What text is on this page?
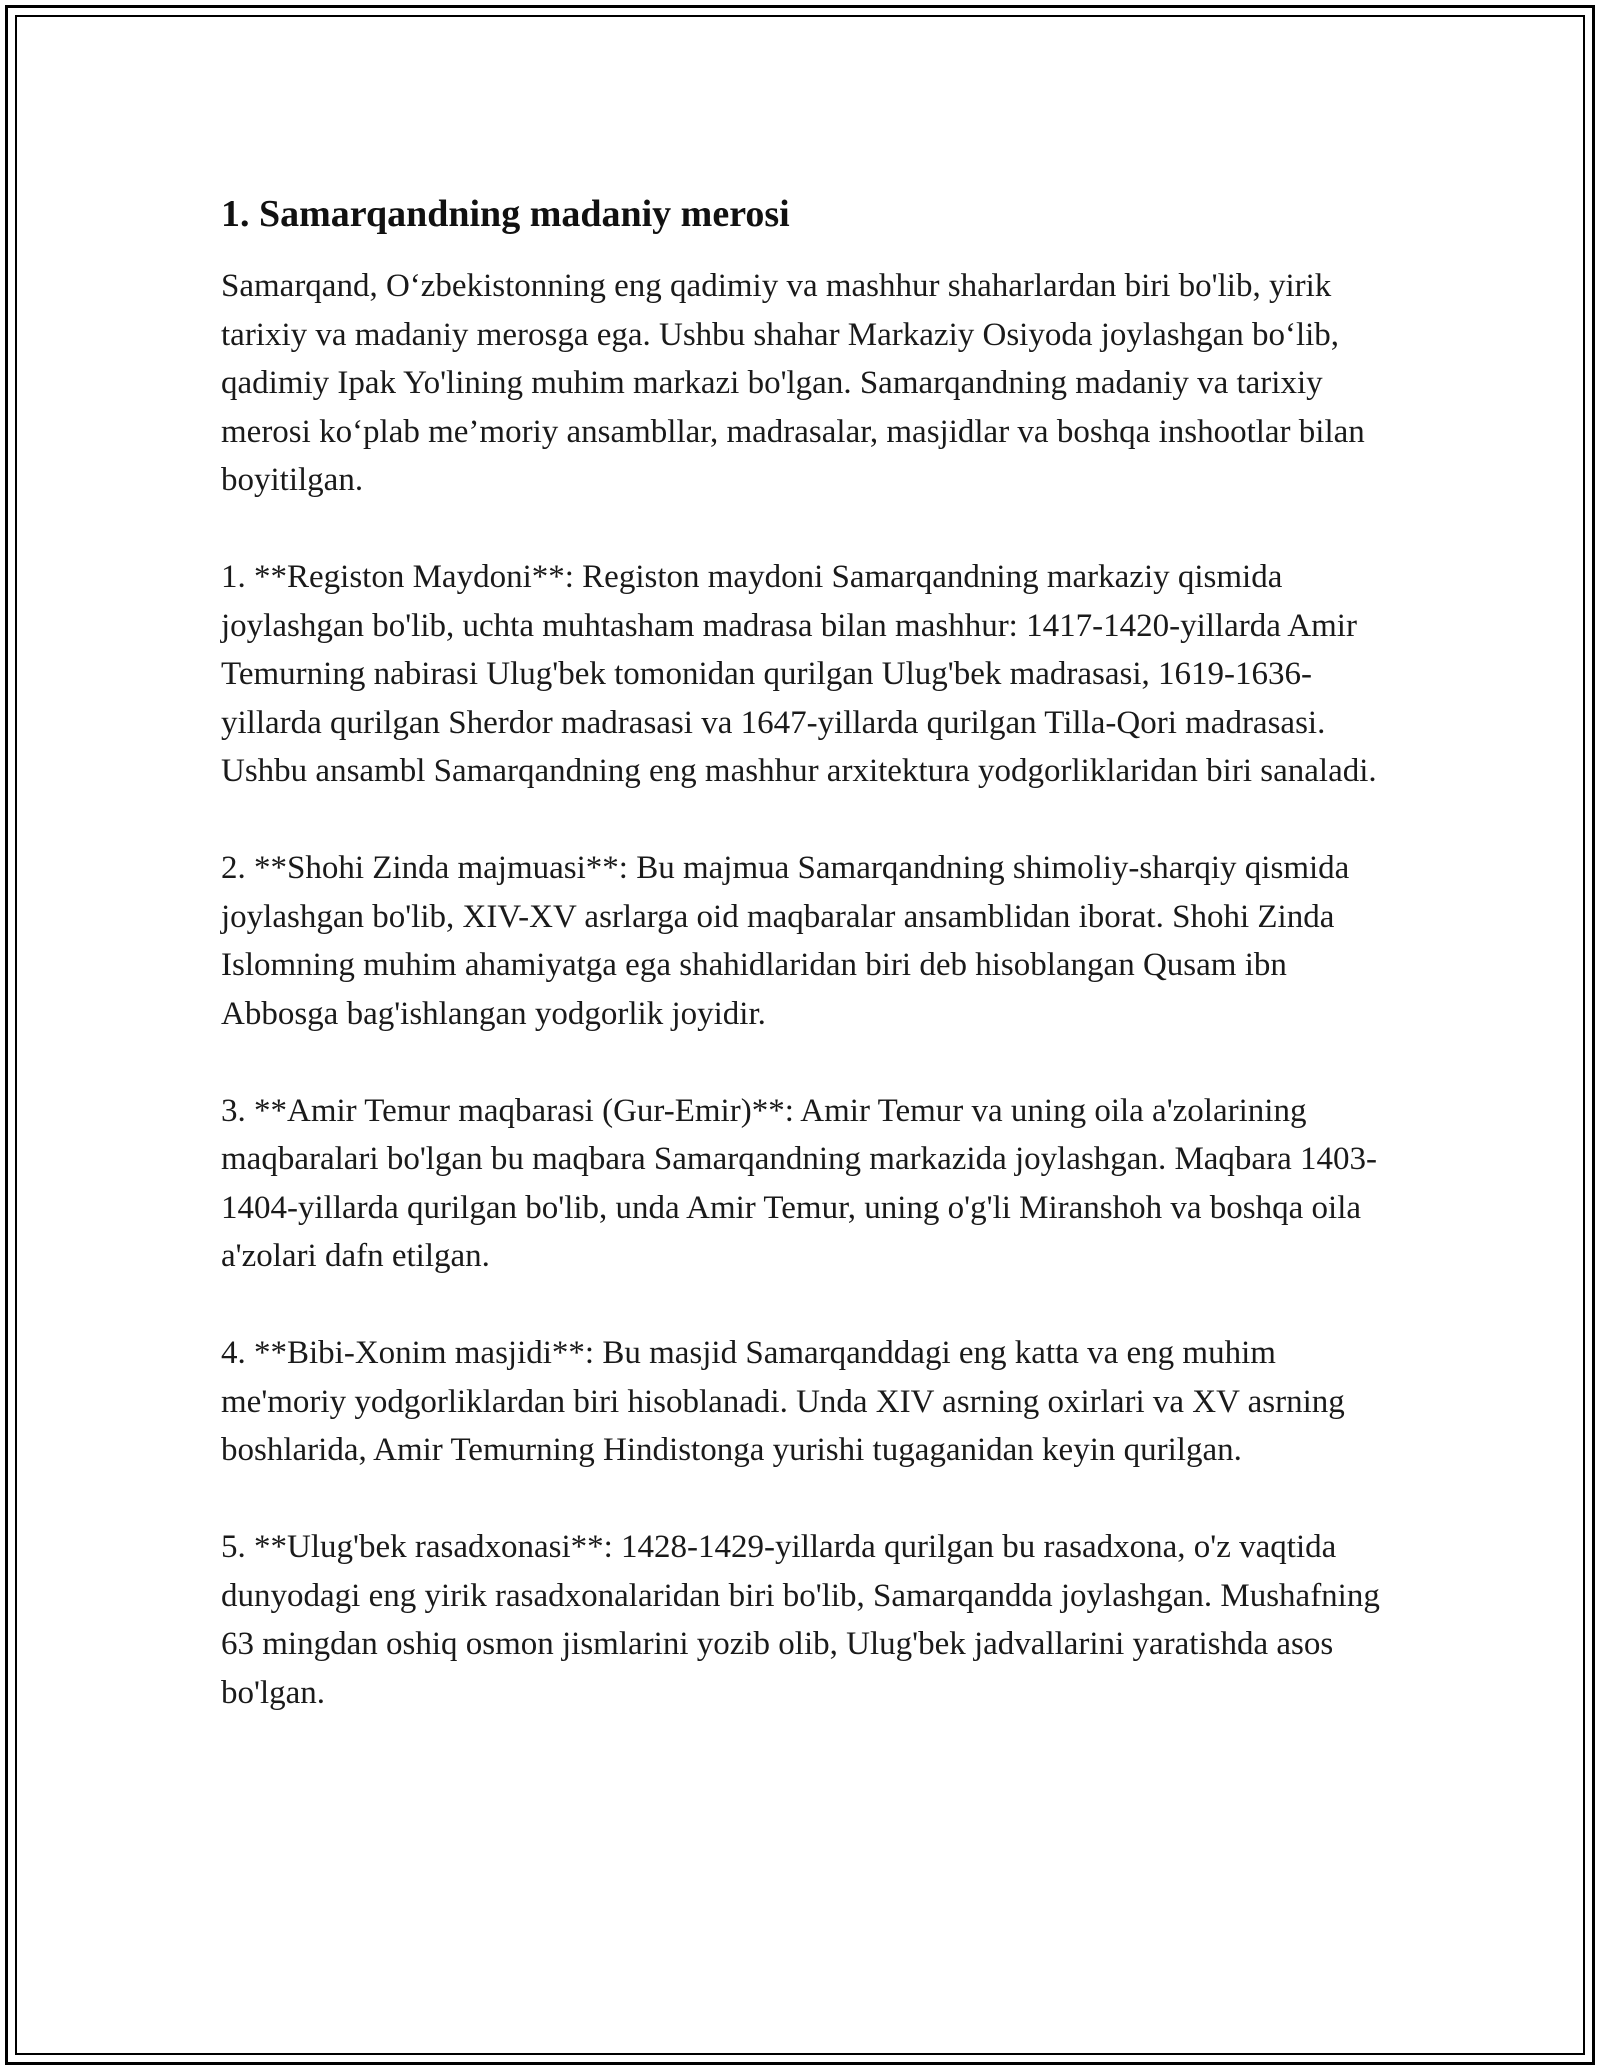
1. Samarqandning madaniy merosi

Samarqand, O‘zbekistonning eng qadimiy va mashhur shaharlardan biri bo'lib, yirik tarixiy va madaniy merosga ega. Ushbu shahar Markaziy Osiyoda joylashgan bo‘lib, qadimiy Ipak Yo'lining muhim markazi bo'lgan. Samarqandning madaniy va tarixiy merosi ko‘plab me’moriy ansambllar, madrasalar, masjidlar va boshqa inshootlar bilan boyitilgan.

1. **Registon Maydoni**: Registon maydoni Samarqandning markaziy qismida joylashgan bo'lib, uchta muhtasham madrasa bilan mashhur: 1417-1420-yillarda Amir Temurning nabirasi Ulug'bek tomonidan qurilgan Ulug'bek madrasasi, 1619-1636-yillarda qurilgan Sherdor madrasasi va 1647-yillarda qurilgan Tilla-Qori madrasasi. Ushbu ansambl Samarqandning eng mashhur arxitektura yodgorliklaridan biri sanaladi.

2. **Shohi Zinda majmuasi**: Bu majmua Samarqandning shimoliy-sharqiy qismida joylashgan bo'lib, XIV-XV asrlarga oid maqbaralar ansamblidan iborat. Shohi Zinda Islomning muhim ahamiyatga ega shahidlaridan biri deb hisoblangan Qusam ibn Abbosga bag'ishlangan yodgorlik joyidir.

3. **Amir Temur maqbarasi (Gur-Emir)**: Amir Temur va uning oila a'zolarining maqbaralari bo'lgan bu maqbara Samarqandning markazida joylashgan. Maqbara 1403-1404-yillarda qurilgan bo'lib, unda Amir Temur, uning o'g'li Miranshoh va boshqa oila a'zolari dafn etilgan.

4. **Bibi-Xonim masjidi**: Bu masjid Samarqanddagi eng katta va eng muhim me'moriy yodgorliklardan biri hisoblanadi. Unda XIV asrning oxirlari va XV asrning boshlarida, Amir Temurning Hindistonga yurishi tugaganidan keyin qurilgan.

5. **Ulug'bek rasadxonasi**: 1428-1429-yillarda qurilgan bu rasadxona, o'z vaqtida dunyodagi eng yirik rasadxonalaridan biri bo'lib, Samarqandda joylashgan. Mushafning 63 mingdan oshiq osmon jismlarini yozib olib, Ulug'bek jadvallarini yaratishda asos bo'lgan.
